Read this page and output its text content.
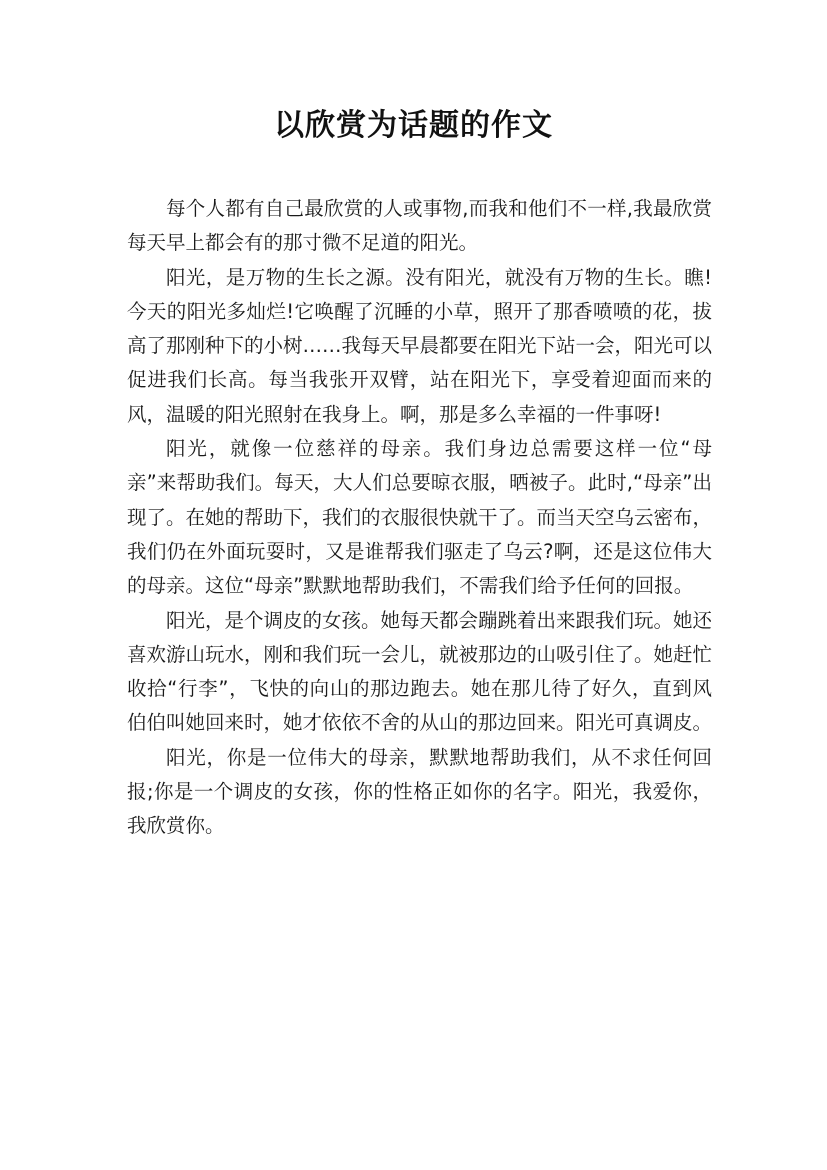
以欣赏为话题的作文

每个人都有自己最欣赏的人或事物,而我和他们不一样,我最欣赏每天早上都会有的那寸微不足道的阳光。

阳光，是万物的生长之源。没有阳光，就没有万物的生长。瞧!今天的阳光多灿烂!它唤醒了沉睡的小草，照开了那香喷喷的花，拔高了那刚种下的小树……我每天早晨都要在阳光下站一会，阳光可以促进我们长高。每当我张开双臂，站在阳光下，享受着迎面而来的风，温暖的阳光照射在我身上。啊，那是多么幸福的一件事呀!

阳光，就像一位慈祥的母亲。我们身边总需要这样一位“母亲”来帮助我们。每天，大人们总要晾衣服，晒被子。此时,“母亲”出现了。在她的帮助下，我们的衣服很快就干了。而当天空乌云密布，我们仍在外面玩耍时，又是谁帮我们驱走了乌云?啊，还是这位伟大的母亲。这位“母亲”默默地帮助我们，不需我们给予任何的回报。

阳光，是个调皮的女孩。她每天都会蹦跳着出来跟我们玩。她还喜欢游山玩水，刚和我们玩一会儿，就被那边的山吸引住了。她赶忙收拾“行李”，飞快的向山的那边跑去。她在那儿待了好久，直到风伯伯叫她回来时，她才依依不舍的从山的那边回来。阳光可真调皮。

阳光，你是一位伟大的母亲，默默地帮助我们，从不求任何回报;你是一个调皮的女孩，你的性格正如你的名字。阳光，我爱你，我欣赏你。
